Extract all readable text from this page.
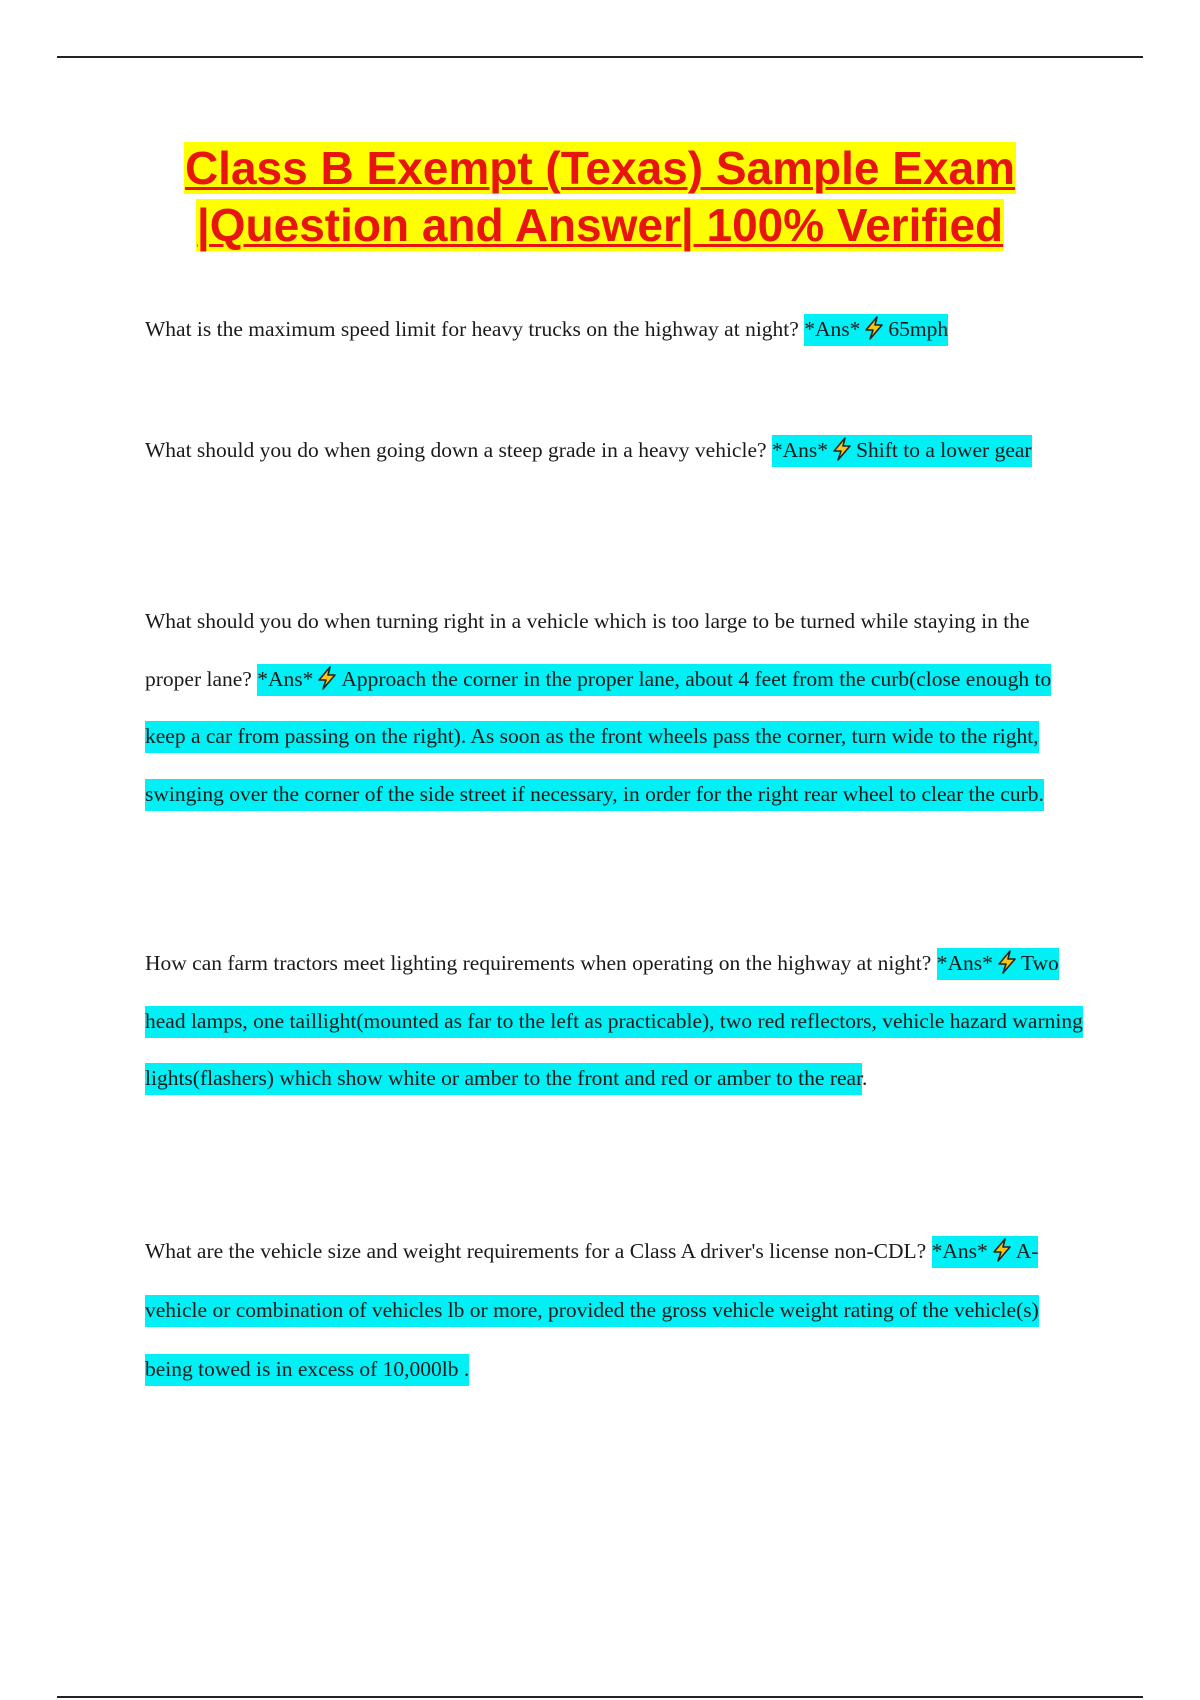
Class B Exempt (Texas) Sample Exam
|Question and Answer| 100% Verified

What is the maximum speed limit for heavy trucks on the highway at night? *Ans* 65mph

What should you do when going down a steep grade in a heavy vehicle? *Ans* Shift to a lower gear

What should you do when turning right in a vehicle which is too large to be turned while staying in the proper lane? *Ans* Approach the corner in the proper lane, about 4 feet from the curb(close enough to keep a car from passing on the right). As soon as the front wheels pass the corner, turn wide to the right, swinging over the corner of the side street if necessary, in order for the right rear wheel to clear the curb.

How can farm tractors meet lighting requirements when operating on the highway at night? *Ans* Two head lamps, one taillight(mounted as far to the left as practicable), two red reflectors, vehicle hazard warning lights(flashers) which show white or amber to the front and red or amber to the rear.

What are the vehicle size and weight requirements for a Class A driver's license non-CDL? *Ans* A- vehicle or combination of vehicles lb or more, provided the gross vehicle weight rating of the vehicle(s) being towed is in excess of 10,000lb .
